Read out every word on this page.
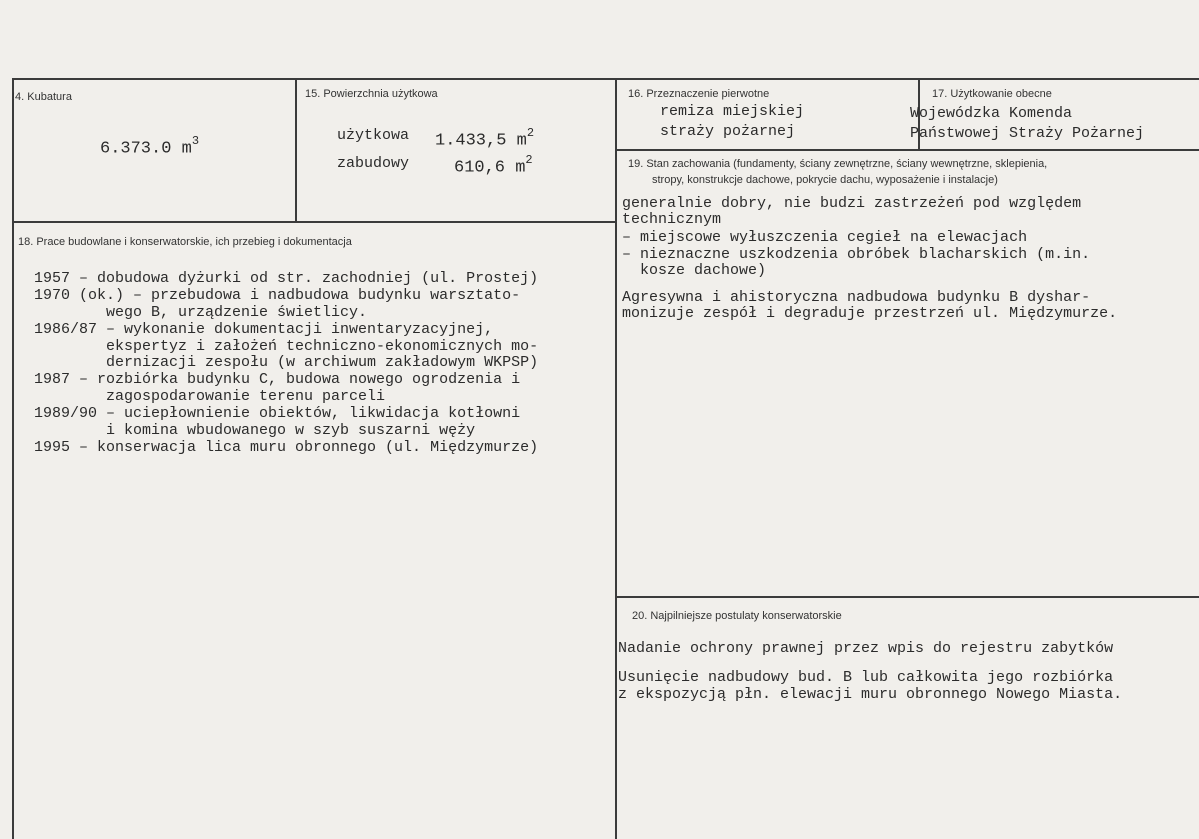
!4. Kubatura
6.373.0 $m^3$
15. Powierzchnia użytkowa
użytkowa 1.433,5 $m^2$
zabudowy	610,6 $m^2$
16. Przeznaczenie pierwotne
remiza miejskiej
straży pożarnej
17. Użytkowanie obecne
Wojewódzka Komenda
Państwowej Straży Pożarnej
18. Prace budowlane i konserwatorskie, ich przebieg i dokumentacja
1957 – dobudowa dyżurki od str. zachodniej (ul. Prostej)
1970 (ok.) – przebudowa i nadbudowa budynku warsztato-
wego B, urządzenie świetlicy.
1986/87 – wykonanie dokumentacji inwentaryzacyjnej,
ekspertyz i założeń techniczno-ekonomicznych mo-
dernizacji zespołu (w archiwum zakładowym WKPSP)
1987 – rozbiórka budynku C, budowa nowego ogrodzenia i
zagospodarowanie terenu parceli
1989/90 – uciepłownienie obiektów, likwidacja kotłowni
i komina wbudowanego w szyb suszarni węży
1995 – konserwacja lica muru obronnego (ul. Międzymurze)
19. Stan zachowania (fundamenty, ściany zewnętrzne, ściany wewnętrzne, sklepienia,
stropy, konstrukcje dachowe, pokrycie dachu, wyposażenie i instalacje)
generalnie dobry, nie budzi zastrzeżeń pod względem
technicznym
– miejscowe wyłuszczenia cegieł na elewacjach
– nieznaczne uszkodzenia obróbek blacharskich (m.in.
kosze dachowe)
Agresywna i ahistoryczna nadbudowa budynku B dyshar-
monizuje zespół i degraduje przestrzeń ul. Międzymurze.
20. Najpilniejsze postulaty konserwatorskie
Nadanie ochrony prawnej przez wpis do rejestru zabytków
Usunięcie nadbudowy bud. B lub całkowita jego rozbiórka
z ekspozycją płn. elewacji muru obronnego Nowego Miasta.
